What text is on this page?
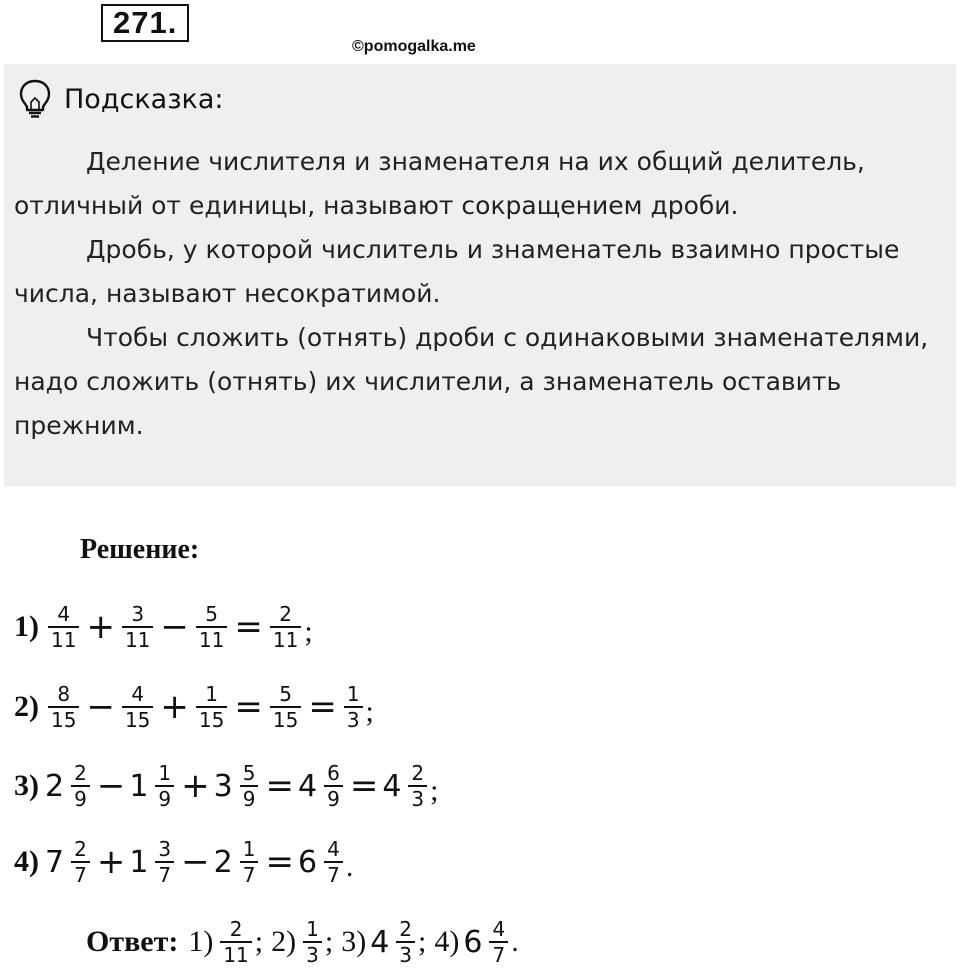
271.
©pomogalka.me
Подсказка:

Деление числителя и знаменателя на их общий делитель, отличный от единицы, называют сокращением дроби.

Дробь, у которой числитель и знаменатель взаимно простые числа, называют несократимой.

Чтобы сложить (отнять) дроби с одинаковыми знаменателями, надо сложить (отнять) их числители, а знаменатель оставить прежним.

Решение:
$1) \frac{4}{11} + \frac{3}{11} - \frac{5}{11} = \frac{2}{11}$ ;
$2) \frac{8}{15} - \frac{4}{15} + \frac{1}{15} = \frac{5}{15} = \frac{1}{3}$ ;
3) $2 \frac{2}{9} - 1 \frac{1}{9} + 3 \frac{5}{9} = 4 \frac{6}{9} = 4 \frac{2}{3}$ ;
4) $7 \frac{2}{7} + 1 \frac{3}{7} - 2 \frac{1}{7} = 6 \frac{4}{7}$ .
Ответ: $1) \frac{2}{11}$ ; $2) \frac{1}{3}$ ; 3) $4 \frac{2}{3}$ ; 4) $6 \frac{4}{7}$ .
